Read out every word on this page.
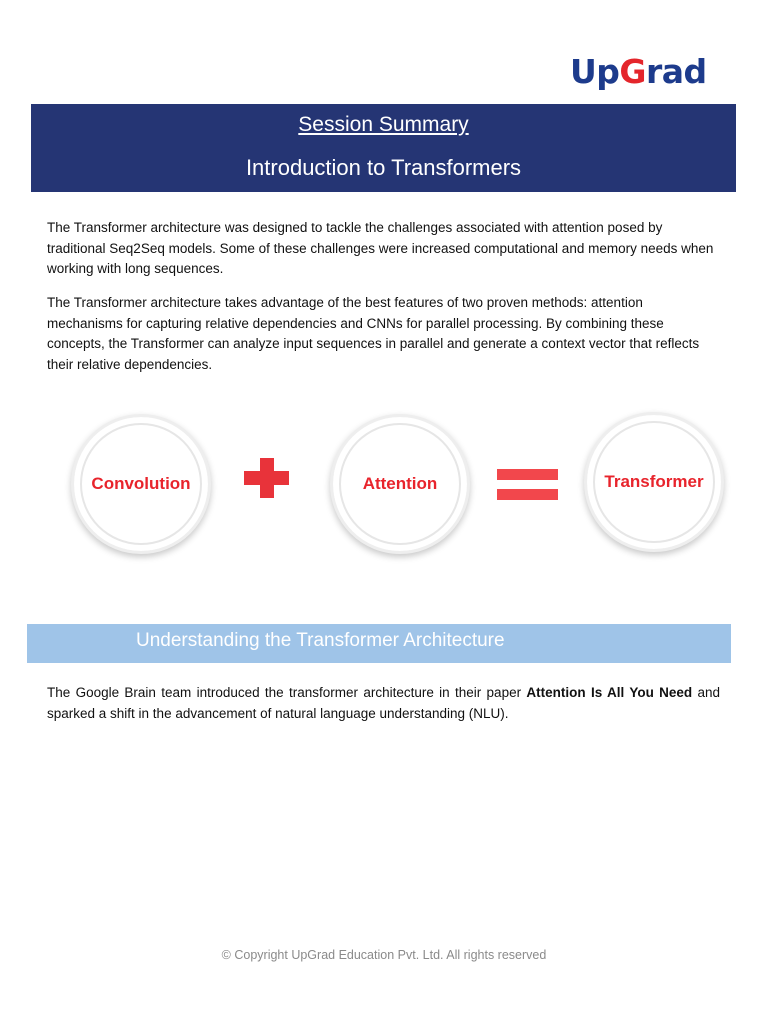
UpGrad
Session Summary
Introduction to Transformers

The Transformer architecture was designed to tackle the challenges associated with attention posed by traditional Seq2Seq models. Some of these challenges were increased computational and memory needs when working with long sequences.

The Transformer architecture takes advantage of the best features of two proven methods: attention mechanisms for capturing relative dependencies and CNNs for parallel processing. By combining these concepts, the Transformer can analyze input sequences in parallel and generate a context vector that reflects their relative dependencies.

Convolution	Attention	Transformer
Understanding the Transformer Architecture

The Google Brain team introduced the transformer architecture in their paper Attention Is All You Need and sparked a shift in the advancement of natural language understanding (NLU).

© Copyright UpGrad Education Pvt. Ltd. All rights reserved
